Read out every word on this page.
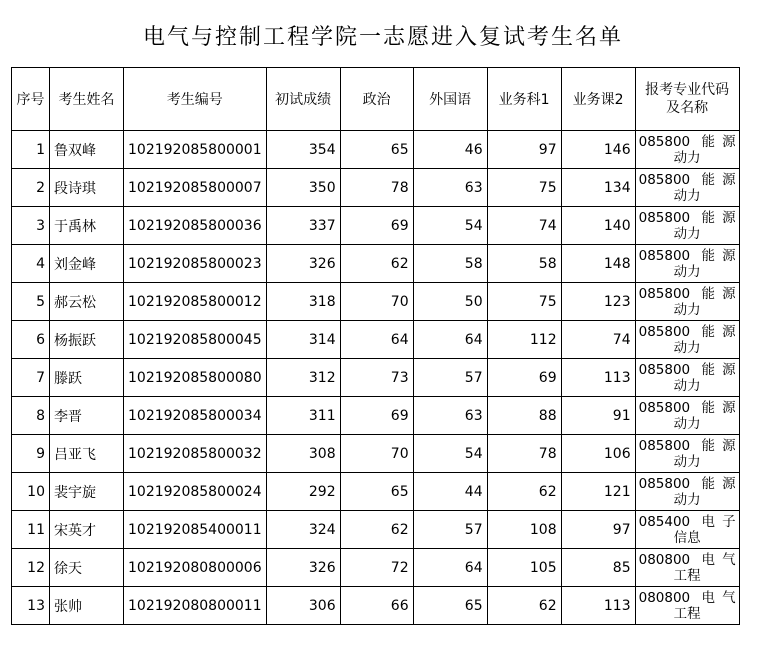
电气与控制工程学院一志愿进入复试考生名单
序号	考生姓名	考生编号	初试成绩	政治	外国语	业务科1	业务课2	报考专业代码及名称
1	鲁双峰	102192085800001	354	65	46	97	146	085800 能源
动力

2	段诗琪	102192085800007	350	78	63	75	134	085800 能源
动力

3	于禹林	102192085800036	337	69	54	74	140	085800 能源
动力

4	刘金峰	102192085800023	326	62	58	58	148	085800 能源
动力

5	郝云松	102192085800012	318	70	50	75	123	085800 能源
动力

6	杨振跃	102192085800045	314	64	64	112	74	085800 能源
动力

7	滕跃	102192085800080	312	73	57	69	113	085800 能源
动力

8	李晋	102192085800034	311	69	63	88	91	085800 能源
动力

9	吕亚飞	102192085800032	308	70	54	78	106	085800 能源
动力

10	裴宇旋	102192085800024	292	65	44	62	121	085800 能源
动力

11	宋英才	102192085400011	324	62	57	108	97	085400 电子
信息

12	徐天	102192080800006	326	72	64	105	85	080800 电气
工程

13	张帅	102192080800011	306	66	65	62	113	080800 电气
工程
